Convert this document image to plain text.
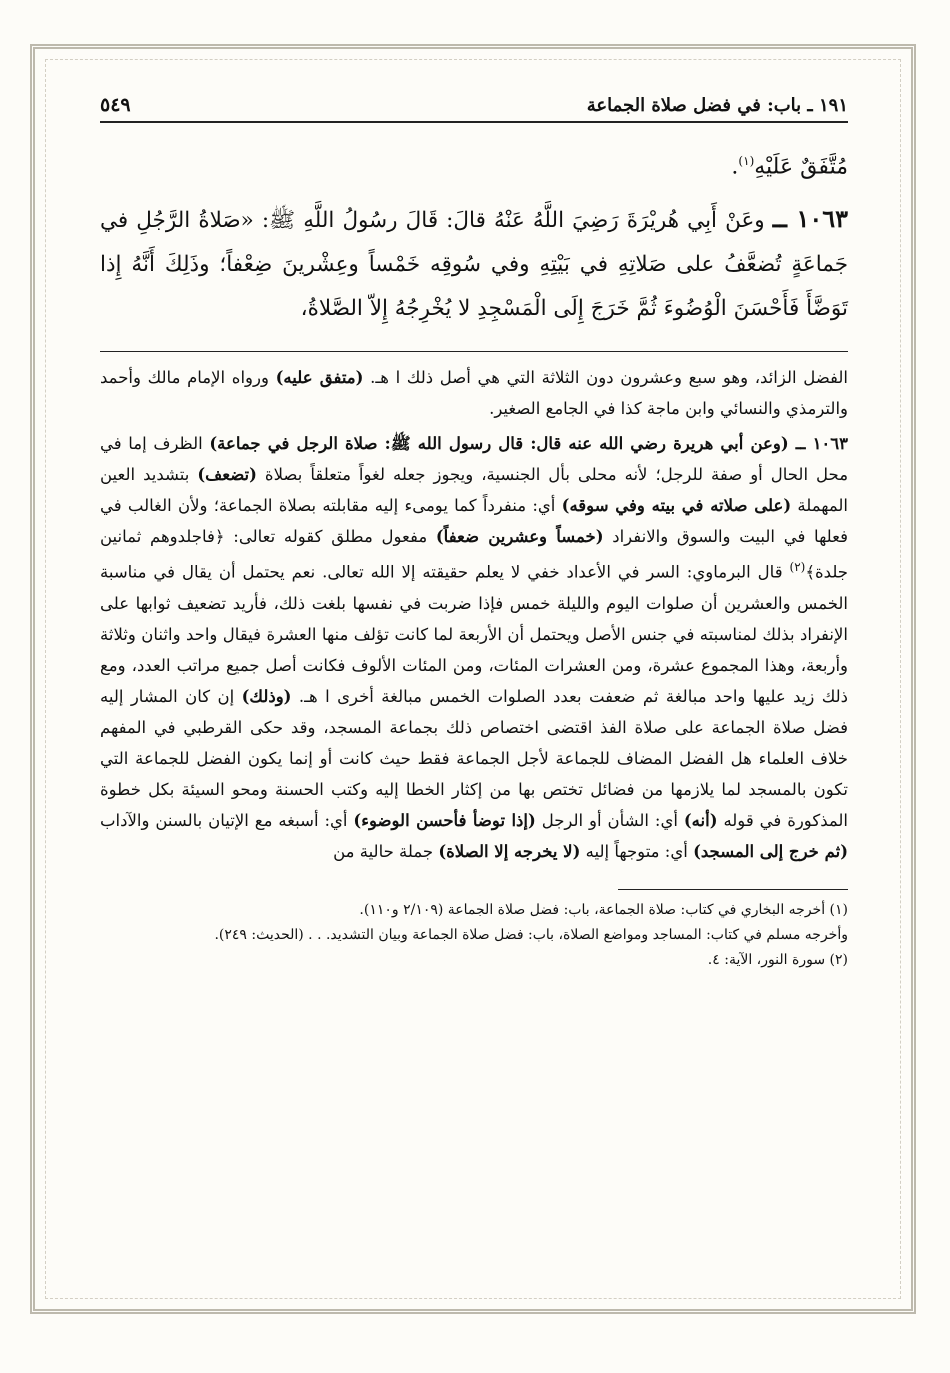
١٩١ ـ باب: في فضل صلاة الجماعة
٥٤٩
مُتَّفَقٌ عَلَيْهِ$^{(١)}$.
١٠٦٣ ــ وعَنْ أَبِي هُريْرَةَ رَضِيَ اللَّهُ عَنْهُ قالَ: قَالَ رسُولُ اللَّهِ ﷺ: «صَلاةُ الرَّجُلِ في جَماعَةٍ تُضعَّفُ على صَلاتِهِ في بَيْتِهِ وفي سُوقِه خَمْساً وعِشْرينَ ضِعْفاً؛ وذَلِكَ أَنَّهُ إِذا تَوَضَّأَ فَأَحْسَنَ الْوُضُوءَ ثُمَّ خَرَجَ إِلَى الْمَسْجِدِ لا يُخْرِجُهُ إِلاّ الصَّلاةُ،

الفضل الزائد، وهو سبع وعشرون دون الثلاثة التي هي أصل ذلك ا هـ. (متفق عليه) ورواه الإمام مالك وأحمد والترمذي والنسائي وابن ماجة كذا في الجامع الصغير.

١٠٦٣ ــ (وعن أبي هريرة رضي الله عنه قال: قال رسول الله ﷺ: صلاة الرجل في جماعة) الظرف إما في محل الحال أو صفة للرجل؛ لأنه محلى بأل الجنسية، ويجوز جعله لغواً متعلقاً بصلاة (تضعف) بتشديد العين المهملة (على صلاته في بيته وفي سوقه) أي: منفرداً كما يومىء إليه مقابلته بصلاة الجماعة؛ ولأن الغالب في فعلها في البيت والسوق والانفراد (خمساً وعشرين ضعفاً) مفعول مطلق كقوله تعالى: ﴿فاجلدوهم ثمانين جلدة﴾$^{(٢)}$ قال البرماوي: السر في الأعداد خفي لا يعلم حقيقته إلا الله تعالى. نعم يحتمل أن يقال في مناسبة الخمس والعشرين أن صلوات اليوم والليلة خمس فإذا ضربت في نفسها بلغت ذلك، فأريد تضعيف ثوابها على الإنفراد بذلك لمناسبته في جنس الأصل ويحتمل أن الأربعة لما كانت تؤلف منها العشرة فيقال واحد واثنان وثلاثة وأربعة، وهذا المجموع عشرة، ومن العشرات المئات، ومن المئات الألوف فكانت أصل جميع مراتب العدد، ومع ذلك زيد عليها واحد مبالغة ثم ضعفت بعدد الصلوات الخمس مبالغة أخرى ا هـ. (وذلك) إن كان المشار إليه فضل صلاة الجماعة على صلاة الفذ اقتضى اختصاص ذلك بجماعة المسجد، وقد حكى القرطبي في المفهم خلاف العلماء هل الفضل المضاف للجماعة لأجل الجماعة فقط حيث كانت أو إنما يكون الفضل للجماعة التي تكون بالمسجد لما يلازمها من فضائل تختص بها من إكثار الخطا إليه وكتب الحسنة ومحو السيئة بكل خطوة المذكورة في قوله (أنه) أي: الشأن أو الرجل (إذا توضأ فأحسن الوضوء) أي: أسبغه مع الإتيان بالسنن والآداب (ثم خرج إلى المسجد) أي: متوجهاً إليه (لا يخرجه إلا الصلاة) جملة حالية من

(١) أخرجه البخاري في كتاب: صلاة الجماعة، باب: فضل صلاة الجماعة (٢/١٠٩ و١١٠).

وأخرجه مسلم في كتاب: المساجد ومواضع الصلاة، باب: فضل صلاة الجماعة وبيان التشديد. . . (الحديث: ٢٤٩).

(٢) سورة النور، الآية: ٤.
